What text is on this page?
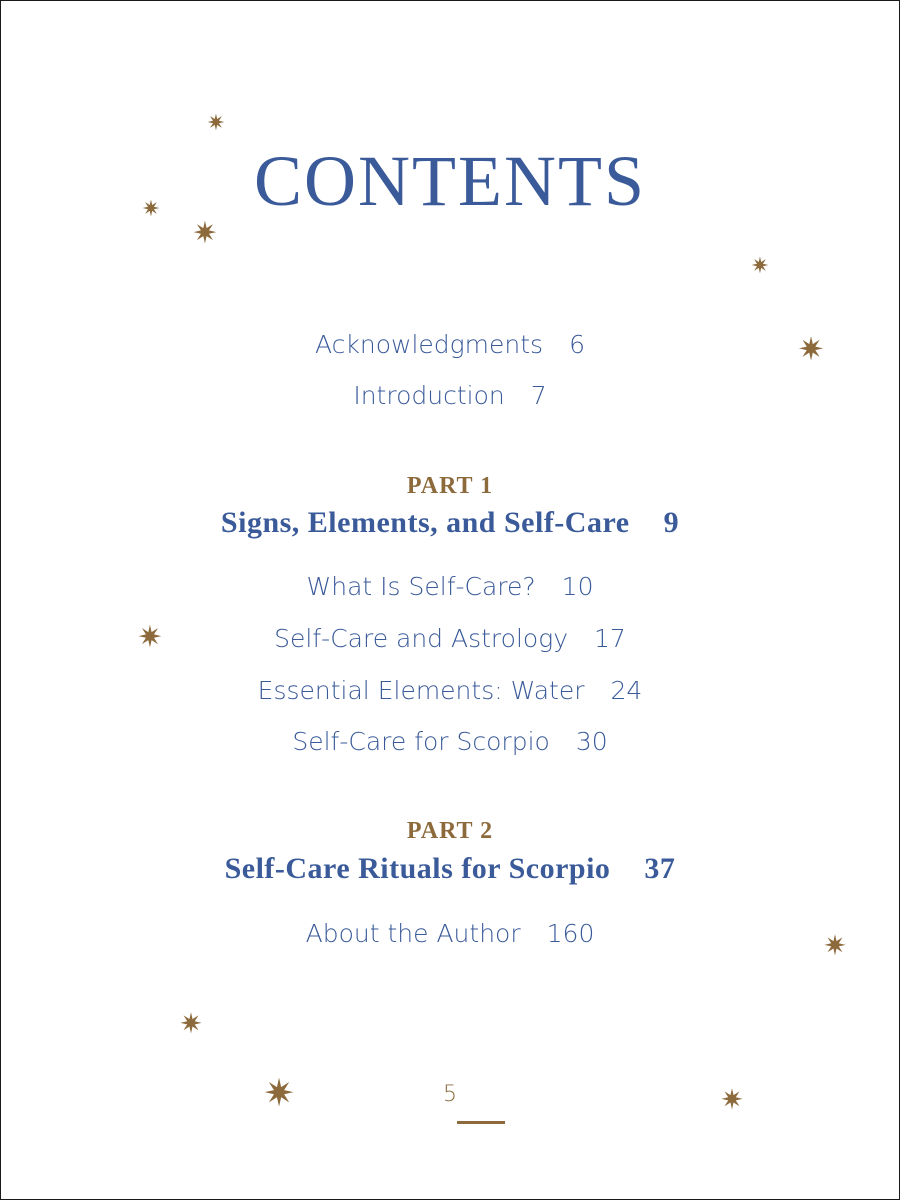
CONTENTS
Acknowledgments 6
Introduction 7
PART 1
Signs, Elements, and Self-Care 9
What Is Self-Care? 10
Self-Care and Astrology 17
Essential Elements: Water 24
Self-Care for Scorpio 30
PART 2
Self-Care Rituals for Scorpio 37
About the Author 160
✷
✷
✷
✷
✷
✷
✷
✷
✷	✷
5
